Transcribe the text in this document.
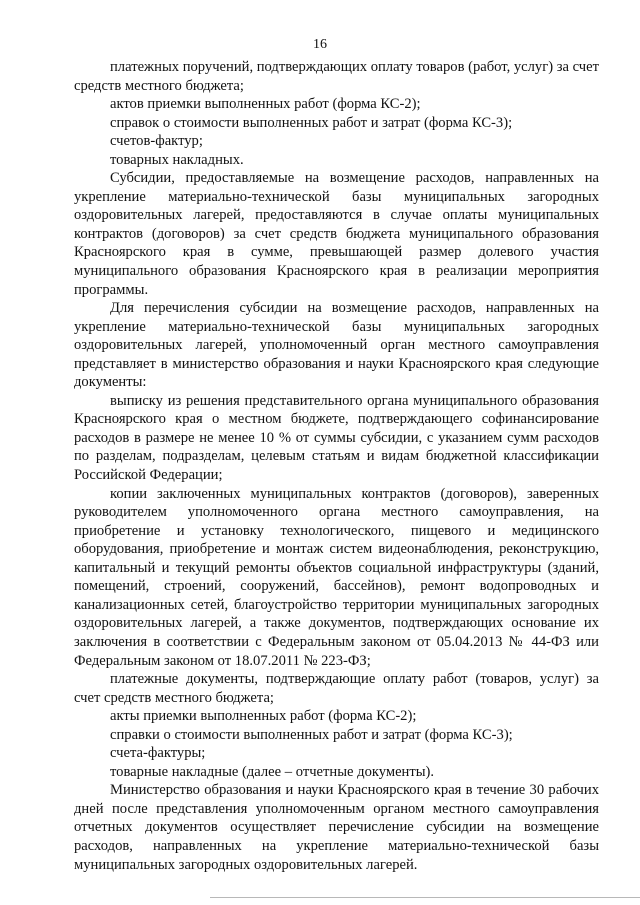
16

платежных поручений, подтверждающих оплату товаров (работ, услуг) за счет средств местного бюджета;

актов приемки выполненных работ (форма КС-2);

справок о стоимости выполненных работ и затрат (форма КС-3);

счетов-фактур;

товарных накладных.

Субсидии, предоставляемые на возмещение расходов, направленных на укрепление материально-технической базы муниципальных загородных оздоровительных лагерей, предоставляются в случае оплаты муниципальных контрактов (договоров) за счет средств бюджета муниципального образования Красноярского края в сумме, превышающей размер долевого участия муниципального образования Красноярского края в реализации мероприятия программы.

Для перечисления субсидии на возмещение расходов, направленных на укрепление материально-технической базы муниципальных загородных оздоровительных лагерей, уполномоченный орган местного самоуправления представляет в министерство образования и науки Красноярского края следующие документы:

выписку из решения представительного органа муниципального образования Красноярского края о местном бюджете, подтверждающего софинансирование расходов в размере не менее 10 % от суммы субсидии, с указанием сумм расходов по разделам, подразделам, целевым статьям и видам бюджетной классификации Российской Федерации;

копии заключенных муниципальных контрактов (договоров), заверенных руководителем уполномоченного органа местного самоуправления, на приобретение и установку технологического, пищевого и медицинского оборудования, приобретение и монтаж систем видеонаблюдения, реконструкцию, капитальный и текущий ремонты объектов социальной инфраструктуры (зданий, помещений, строений, сооружений, бассейнов), ремонт водопроводных и канализационных сетей, благоустройство территории муниципальных загородных оздоровительных лагерей, а также документов, подтверждающих основание их заключения в соответствии с Федеральным законом от 05.04.2013 № 44-ФЗ или Федеральным законом от 18.07.2011 № 223-ФЗ;

платежные документы, подтверждающие оплату работ (товаров, услуг) за счет средств местного бюджета;

акты приемки выполненных работ (форма КС-2);

справки о стоимости выполненных работ и затрат (форма КС-3);

счета-фактуры;

товарные накладные (далее – отчетные документы).

Министерство образования и науки Красноярского края в течение 30 рабочих дней после представления уполномоченным органом местного самоуправления отчетных документов осуществляет перечисление субсидии на возмещение расходов, направленных на укрепление материально-технической базы муниципальных загородных оздоровительных лагерей.
